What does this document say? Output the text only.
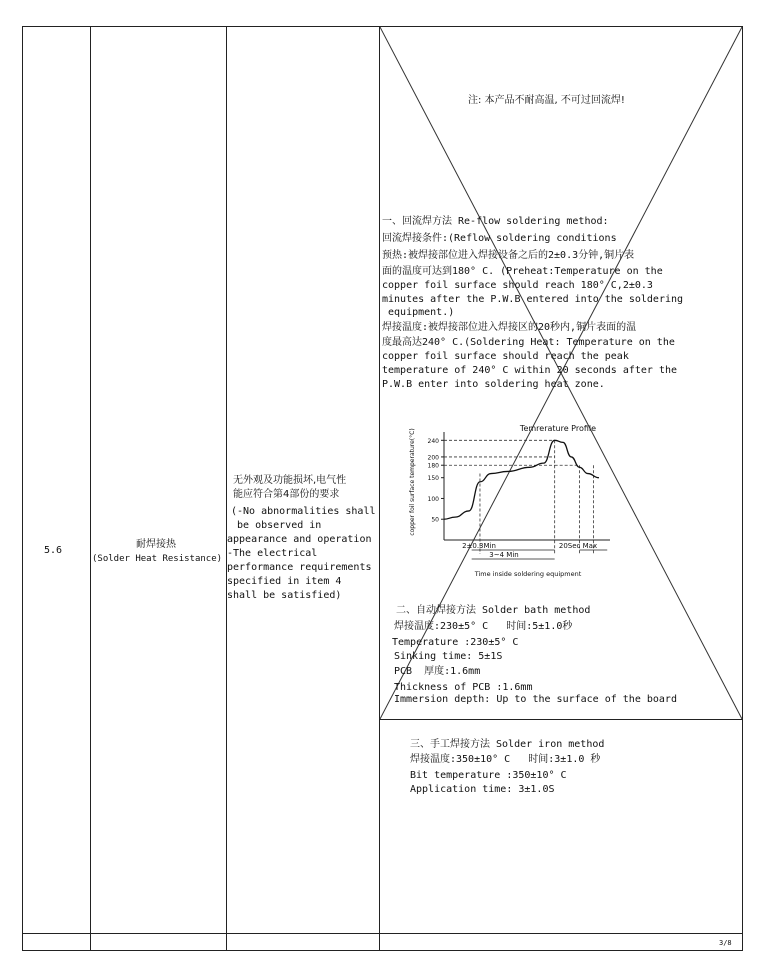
5.6
耐焊接热
(Solder Heat Resistance)
无外观及功能损坏,电气性
能应符合第4部份的要求
(-No abnormalities shall
be observed in
appearance and operation
-The electrical
performance requirements
specified in item 4
shall be satisfied)
注: 本产品不耐高温, 不可过回流焊!
一、回流焊方法 Re-flow soldering method:
回流焊接条件:(Reflow soldering conditions
预热:被焊接部位进入焊接设备之后的2±0.3分钟,铜片表
面的温度可达到180° C. (Preheat:Temperature on the
copper foil surface should reach 180° C,2±0.3
minutes after the P.W.B entered into the soldering
equipment.)
焊接温度:被焊接部位进入焊接区的20秒内,铜片表面的温
度最高达240° C.(Soldering Heat: Temperature on the
copper foil surface should reach the peak
temperature of 240° C within 20 seconds after the
P.W.B enter into soldering heat zone.
Temrerature Profile
copper foil surface temperature(°C)
Time inside soldering equipment
50
100
150
180
200
240
2±0.3Min
3~4 Min
20Sec Max
二、自动焊接方法 Solder bath method
焊接温度:230±5° C   时间:5±1.0秒
Temperature :230±5° C
Sinking time: 5±1S
PCB  厚度:1.6mm
Thickness of PCB :1.6mm
Immersion depth: Up to the surface of the board
三、手工焊接方法 Solder iron method
焊接温度:350±10° C   时间:3±1.0 秒
Bit temperature :350±10° C
Application time: 3±1.0S
3/8
